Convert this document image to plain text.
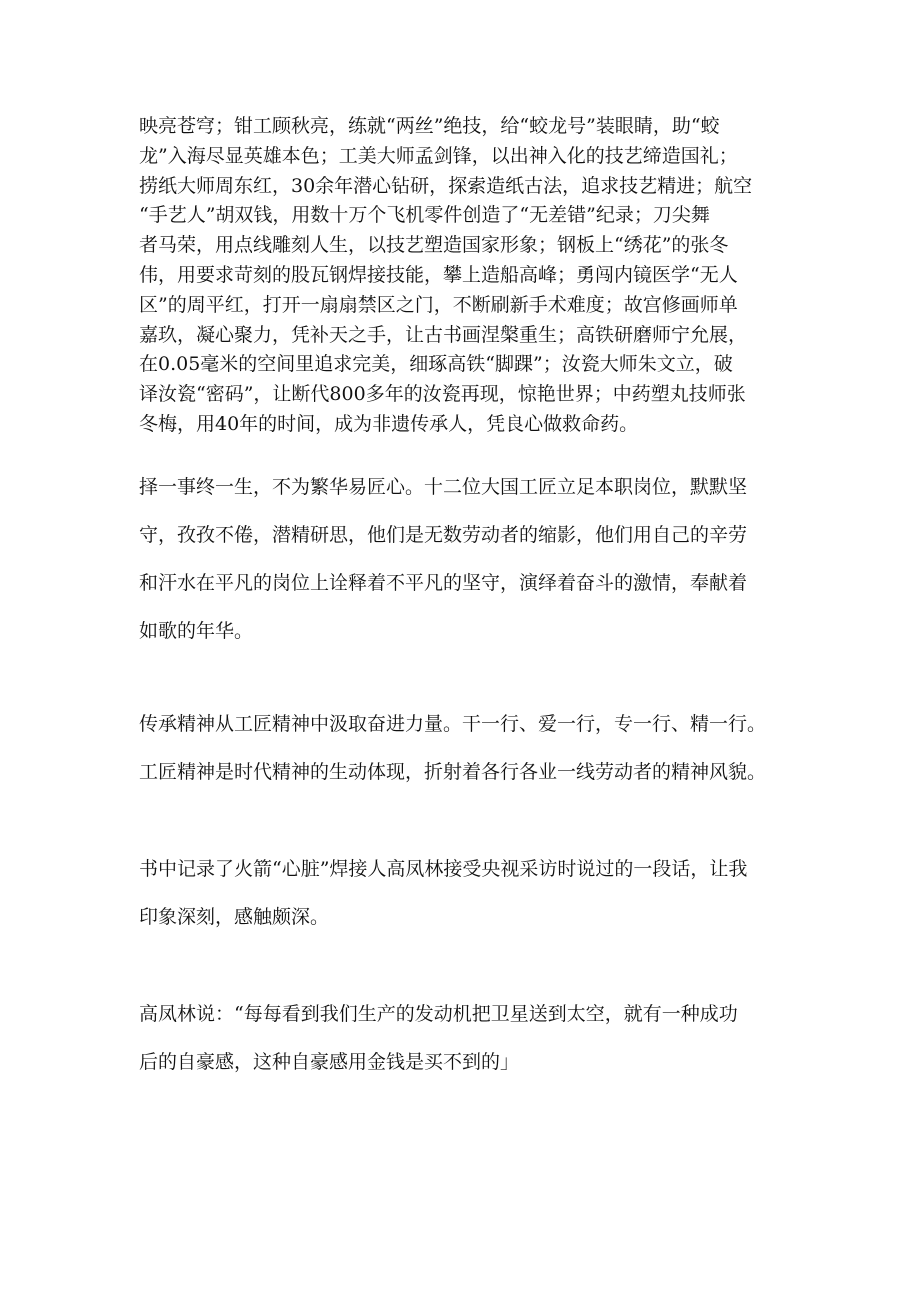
映亮苍穹；钳工顾秋亮，练就“两丝”绝技，给“蛟龙号”装眼睛，助“蛟
龙”入海尽显英雄本色；工美大师孟剑锋，以出神入化的技艺缔造国礼；
捞纸大师周东红，30余年潜心钻研，探索造纸古法，追求技艺精进；航空
“手艺人”胡双钱，用数十万个飞机零件创造了“无差错”纪录；刀尖舞
者马荣，用点线雕刻人生，以技艺塑造国家形象；钢板上“绣花”的张冬
伟，用要求苛刻的股瓦钢焊接技能，攀上造船高峰；勇闯内镜医学“无人
区”的周平红，打开一扇扇禁区之门，不断刷新手术难度；故宫修画师单
嘉玖，凝心聚力，凭补天之手，让古书画涅槃重生；高铁研磨师宁允展，
在0.05毫米的空间里追求完美，细琢高铁“脚踝”；汝瓷大师朱文立，破
译汝瓷“密码”，让断代800多年的汝瓷再现，惊艳世界；中药塑丸技师张
冬梅，用40年的时间，成为非遗传承人，凭良心做救命药。
择一事终一生，不为繁华易匠心。十二位大国工匠立足本职岗位，默默坚
守，孜孜不倦，潜精研思，他们是无数劳动者的缩影，他们用自己的辛劳
和汗水在平凡的岗位上诠释着不平凡的坚守，演绎着奋斗的激情，奉献着
如歌的年华。
传承精神从工匠精神中汲取奋进力量。干一行、爱一行，专一行、精一行。
工匠精神是时代精神的生动体现，折射着各行各业一线劳动者的精神风貌。
书中记录了火箭“心脏”焊接人高凤林接受央视采访时说过的一段话，让我
印象深刻，感触颇深。
高凤林说：“每每看到我们生产的发动机把卫星送到太空，就有一种成功
后的自豪感，这种自豪感用金钱是买不到的」
